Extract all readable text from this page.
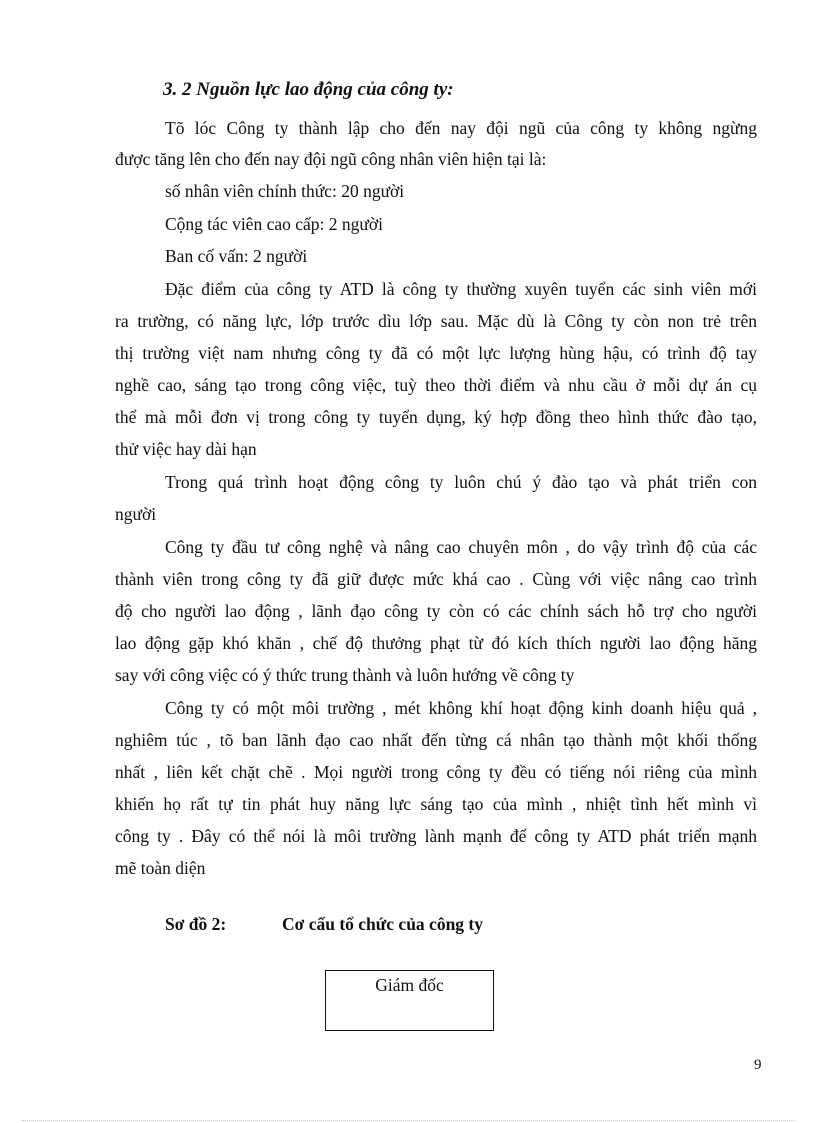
3. 2 Nguồn lực lao động của công ty:
Tõ lóc Công ty thành lập cho đến nay đội ngũ của công ty không ngừng
được tăng lên cho đến nay đội ngũ công nhân viên hiện tại là:
số nhân viên chính thức: 20 người
Cộng tác viên cao cấp: 2 người
Ban cố vấn: 2 người
Đặc điểm của công ty ATD là công ty thường xuyên tuyển các sinh viên mới
ra trường, có năng lực, lớp trước dìu lớp sau. Mặc dù là Công ty còn non trẻ trên
thị trường việt nam nhưng công ty đã có một lực lượng hùng hậu, có trình độ tay
nghề cao, sáng tạo trong công việc, tuỳ theo thời điểm và nhu cầu ở mỗi dự án cụ
thể mà mỗi đơn vị trong công ty tuyển dụng, ký hợp đồng theo hình thức đào tạo,
thử việc hay dài hạn
Trong quá trình hoạt động công ty luôn chú ý đào tạo và phát triển con
người
Công ty đầu tư công nghệ và nâng cao chuyên môn , do vậy trình độ của các
thành viên trong công ty đã giữ được mức khá cao . Cùng với việc nâng cao trình
độ cho người lao động , lãnh đạo công ty còn có các chính sách hỗ trợ cho người
lao động gặp khó khăn , chế độ thưởng phạt từ đó kích thích người lao động hăng
say với công việc có ý thức trung thành và luôn hướng về công ty
Công ty có một môi trường , mét không khí hoạt động kinh doanh hiệu quả ,
nghiêm túc , tõ ban lãnh đạo cao nhất đến từng cá nhân tạo thành một khối thống
nhất , liên kết chặt chẽ . Mọi người trong công ty đều có tiếng nói riêng của mình
khiến họ rất tự tin phát huy năng lực sáng tạo của mình , nhiệt tình hết mình vì
công ty . Đây có thể nói là môi trường lành mạnh để công ty ATD phát triển mạnh
mẽ toàn diện
Sơ đồ 2:	Cơ cấu tổ chức của công ty
Giám đốc
9
